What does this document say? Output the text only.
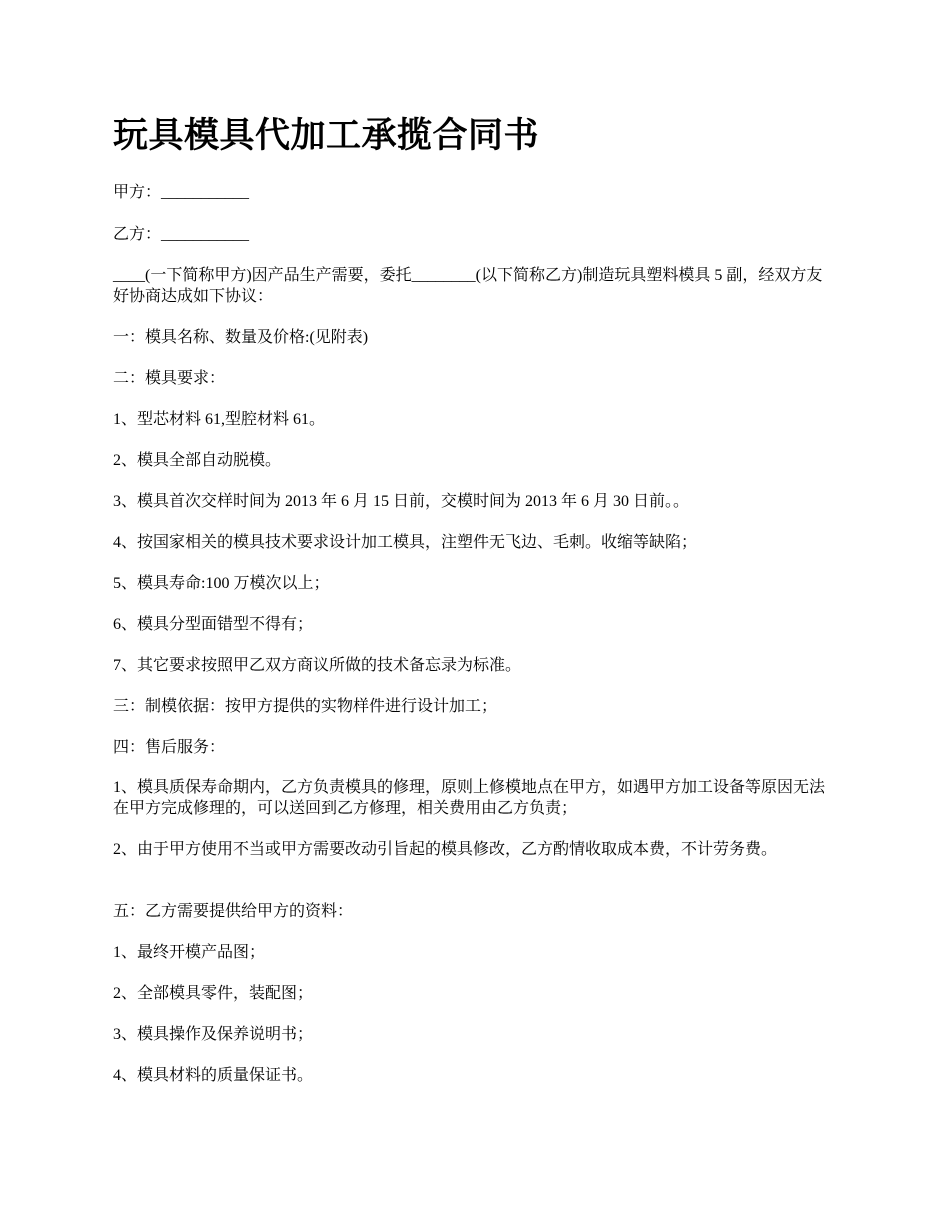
玩具模具代加工承揽合同书

甲方：___________

乙方：___________

____(一下简称甲方)因产品生产需要，委托________(以下简称乙方)制造玩具塑料模具 5 副，经双方友好协商达成如下协议：

一：模具名称、数量及价格:(见附表)

二：模具要求：

1、型芯材料 61,型腔材料 61。

2、模具全部自动脱模。

3、模具首次交样时间为 2013 年 6 月 15 日前，交模时间为 2013 年 6 月 30 日前。。

4、按国家相关的模具技术要求设计加工模具，注塑件无飞边、毛刺。收缩等缺陷；

5、模具寿命:100 万模次以上；

6、模具分型面错型不得有；

7、其它要求按照甲乙双方商议所做的技术备忘录为标准。

三：制模依据：按甲方提供的实物样件进行设计加工；

四：售后服务：

1、模具质保寿命期内，乙方负责模具的修理，原则上修模地点在甲方，如遇甲方加工设备等原因无法在甲方完成修理的，可以送回到乙方修理，相关费用由乙方负责；

2、由于甲方使用不当或甲方需要改动引旨起的模具修改，乙方酌情收取成本费，不计劳务费。

五：乙方需要提供给甲方的资料：

1、最终开模产品图；

2、全部模具零件，装配图；

3、模具操作及保养说明书；

4、模具材料的质量保证书。
